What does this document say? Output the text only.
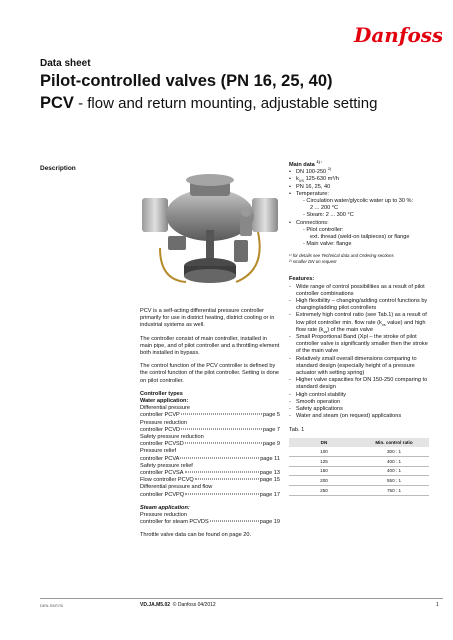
Danfoss
Data sheet
Pilot-controlled valves (PN 16, 25, 40)
PCV - flow and return mounting, adjustable setting
Description

PCV is a self-acting differential pressure controller primarily for use in district heating, district cooling or in industrial systems as well.

The controller consist of main controller, installed in main pipe, and of pilot controller and a throttling element both installed in bypass.

The control function of the PCV controller is defined by the control function of the pilot controller. Setting is done on pilot controller.

Controller types
Water application:
Differential pressure
controller PCVP	page 5
Pressure reduction
controller PCVD	page 7
Safety pressure reduction
controller PCVSD	page 9
Pressure relief
controller PCVA	page 11
Safety pressure relief
controller PCVSA	page 13
Flow controller PCVQ	page 15
Differential pressure and flow
controller PCVPQ	page 17
Steam application:
Pressure reduction
controller for steam PCVDS	page 19

Throttle valve data can be found on page 20.

Main data $^{1) :}$
• DN 100-250 $^{2)}$
• $k_{VS}$ 125-630 m³/h
• PN 16, 25, 40
• Temperature:
- Circulation water/glycolic water up to 30 %:
2 ... 200 °C
- Steam: 2 ... 300 °C
• Connections:
- Pilot controller:
ext. thread (weld-on tailpieces) or flange
- Main valve: flange
¹⁾ for details see Technical data and Ordering sections
²⁾ smaller DN on request
Features:
- Wide range of control possibilities as a result of pilot controller combinations
- High flexibility – changing/adding control functions by changing/adding pilot controllers
- Extremely high control ratio (see Tab.1) as a result of low pilot controller min. flow rate ($k_{vs}$ value) and high flow rate $(k_{vs})$ of the main valve
- Small Proportional Band (Xpl – the stroke of pilot controller valve is significantly smaller then the stroke of the main valve
- Relatively small overall dimensions comparing to standard design (especially height of a pressure actuator with setting spring)
- Higher valve capacities for DN 150-250 comparing to standard design
- High control stability
- Smooth operation
- Safety applications
- Water and steam (on request) applications
Tab. 1
DN	Min. control ratio
100	300 : 1
125	400 : 1
150	400 : 1
200	550 : 1
250	750 : 1
DEN-SMT/SI	VD.JA.M5.02 © Danfoss 04/2012	1
